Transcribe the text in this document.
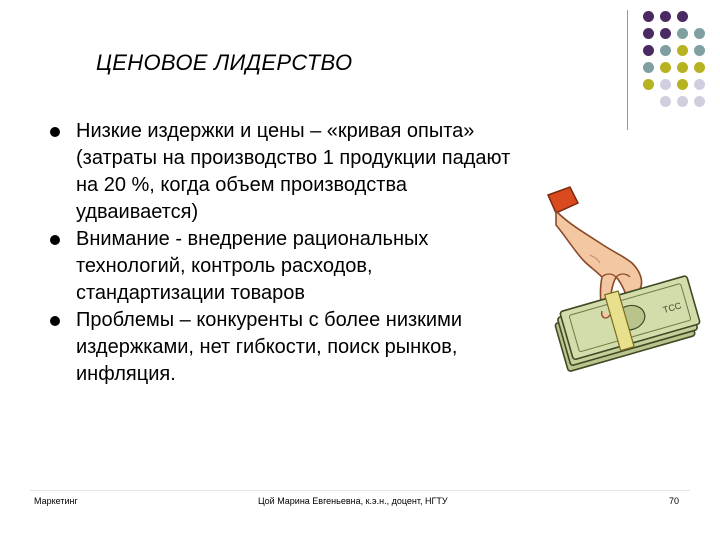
ЦЕНОВОЕ ЛИДЕРСТВО
Низкие издержки и цены – «кривая опыта»
(затраты на производство 1 продукции падают
на 20 %, когда объем производства
удваивается)
Внимание - внедрение рациональных
технологий, контроль расходов,
стандартизации товаров
Проблемы – конкуренты с более низкими
издержками, нет гибкости, поиск рынков,
инфляция.
ТСС
Маркетинг	Цой Марина Евгеньевна, к.э.н., доцент, НГТУ	70
